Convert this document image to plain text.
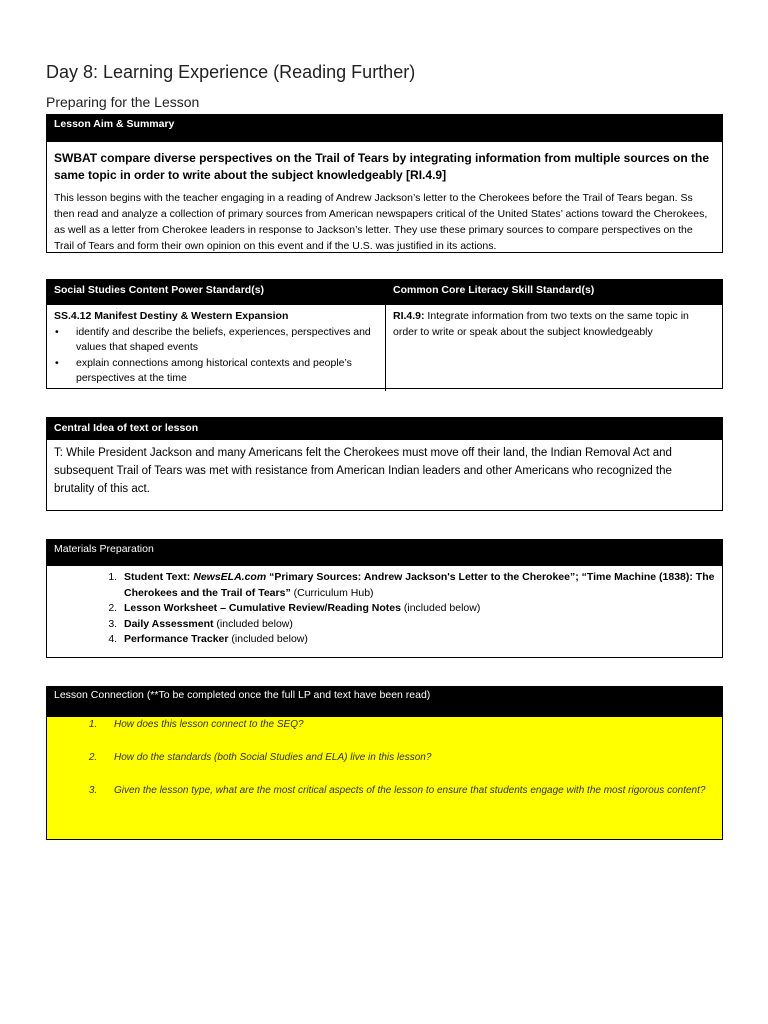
Day 8: Learning Experience (Reading Further)
Preparing for the Lesson
Lesson Aim & Summary
SWBAT compare diverse perspectives on the Trail of Tears by integrating information from multiple sources on the same topic in order to write about the subject knowledgeably [RI.4.9]
This lesson begins with the teacher engaging in a reading of Andrew Jackson’s letter to the Cherokees before the Trail of Tears began. Ss then read and analyze a collection of primary sources from American newspapers critical of the United States’ actions toward the Cherokees, as well as a letter from Cherokee leaders in response to Jackson’s letter. They use these primary sources to compare perspectives on the Trail of Tears and form their own opinion on this event and if the U.S. was justified in its actions.
Social Studies Content Power Standard(s)	Common Core Literacy Skill Standard(s)
SS.4.12 Manifest Destiny & Western Expansion
• identify and describe the beliefs, experiences, perspectives and values that shaped events
• explain connections among historical contexts and people’s perspectives at the time
RI.4.9: Integrate information from two texts on the same topic in order to write or speak about the subject knowledgeably
Central Idea of text or lesson
T: While President Jackson and many Americans felt the Cherokees must move off their land, the Indian Removal Act and subsequent Trail of Tears was met with resistance from American Indian leaders and other Americans who recognized the brutality of this act.
Materials Preparation
1. Student Text: NewsELA.com “Primary Sources: Andrew Jackson's Letter to the Cherokee”; “Time Machine (1838): The Cherokees and the Trail of Tears” (Curriculum Hub)
2. Lesson Worksheet – Cumulative Review/Reading Notes (included below)
3. Daily Assessment (included below)
4. Performance Tracker (included below)
Lesson Connection (**To be completed once the full LP and text have been read)
1. How does this lesson connect to the SEQ?
2. How do the standards (both Social Studies and ELA) live in this lesson?
3. Given the lesson type, what are the most critical aspects of the lesson to ensure that students engage with the most rigorous content?
